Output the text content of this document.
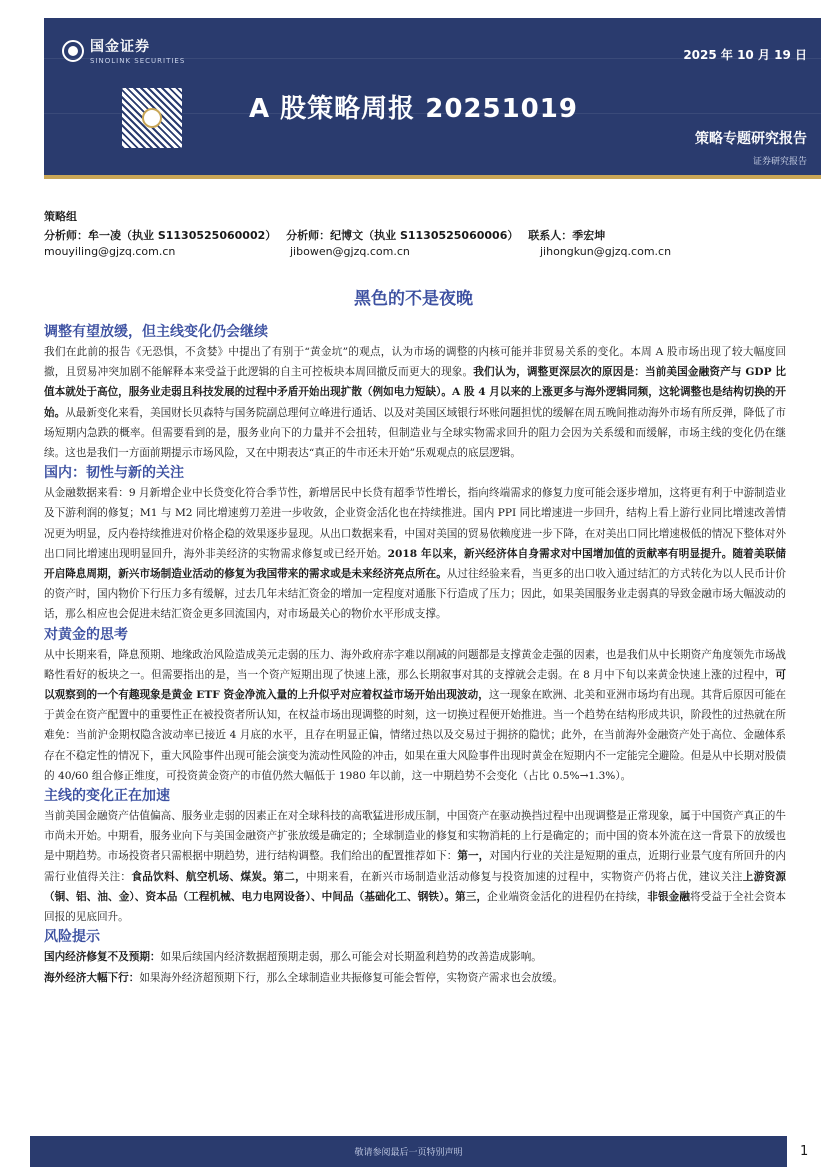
国金证券
SINOLINK SECURITIES	2025 年 10 月 19 日
A 股策略周报 20251019
策略专题研究报告
证券研究报告
策略组
分析师：牟一凌（执业 S1130525060002） 分析师：纪博文（执业 S1130525060006） 联系人：季宏坤
mouyiling@gjzq.com.cn	jibowen@gjzq.com.cn	jihongkun@gjzq.com.cn
黑色的不是夜晚
调整有望放缓，但主线变化仍会继续

我们在此前的报告《无恐惧，不贪婪》中提出了有别于“黄金坑”的观点，认为市场的调整的内核可能并非贸易关系的变化。本周 A 股市场出现了较大幅度回撤，且贸易冲突加剧不能解释本来受益于此逻辑的自主可控板块本周回撤反而更大的现象。我们认为，调整更深层次的原因是：当前美国金融资产与 GDP 比值本就处于高位，服务业走弱且科技发展的过程中矛盾开始出现扩散（例如电力短缺）。A 股 4 月以来的上涨更多与海外逻辑同频，这轮调整也是结构切换的开始。从最新变化来看，美国财长贝森特与国务院副总理何立峰进行通话、以及对美国区域银行坏账问题担忧的缓解在周五晚间推动海外市场有所反弹，降低了市场短期内急跌的概率。但需要看到的是，服务业向下的力量并不会扭转，但制造业与全球实物需求回升的阻力会因为关系缓和而缓解，市场主线的变化仍在继续。这也是我们一方面前期提示市场风险，又在中期表达“真正的牛市还未开始”乐观观点的底层逻辑。

国内：韧性与新的关注

从金融数据来看：9 月新增企业中长贷变化符合季节性，新增居民中长贷有超季节性增长，指向终端需求的修复力度可能会逐步增加，这将更有利于中游制造业及下游利润的修复；M1 与 M2 同比增速剪刀差进一步收敛，企业资金活化也在持续推进。国内 PPI 同比增速进一步回升，结构上看上游行业同比增速改善情况更为明显，反内卷持续推进对价格企稳的效果逐步显现。从出口数据来看，中国对美国的贸易依赖度进一步下降，在对美出口同比增速极低的情况下整体对外出口同比增速出现明显回升，海外非美经济的实物需求修复或已经开始。2018 年以来，新兴经济体自身需求对中国增加值的贡献率有明显提升。随着美联储开启降息周期，新兴市场制造业活动的修复为我国带来的需求或是未来经济亮点所在。从过往经验来看，当更多的出口收入通过结汇的方式转化为以人民币计价的资产时，国内物价下行压力多有缓解，过去几年未结汇资金的增加一定程度对通胀下行造成了压力；因此，如果美国服务业走弱真的导致金融市场大幅波动的话，那么相应也会促进未结汇资金更多回流国内，对市场最关心的物价水平形成支撑。

对黄金的思考

从中长期来看，降息预期、地缘政治风险造成美元走弱的压力、海外政府赤字难以削减的问题都是支撑黄金走强的因素，也是我们从中长期资产角度领先市场战略性看好的板块之一。但需要指出的是，当一个资产短期出现了快速上涨，那么长期叙事对其的支撑就会走弱。在 8 月中下旬以来黄金快速上涨的过程中，可以观察到的一个有趣现象是黄金 ETF 资金净流入量的上升似乎对应着权益市场开始出现波动，这一现象在欧洲、北美和亚洲市场均有出现。其背后原因可能在于黄金在资产配置中的重要性正在被投资者所认知，在权益市场出现调整的时刻，这一切换过程便开始推进。当一个趋势在结构形成共识，阶段性的过热就在所难免：当前沪金期权隐含波动率已接近 4 月底的水平，且存在明显正偏，情绪过热以及交易过于拥挤的隐忧；此外，在当前海外金融资产处于高位、金融体系存在不稳定性的情况下，重大风险事件出现可能会演变为流动性风险的冲击，如果在重大风险事件出现时黄金在短期内不一定能完全避险。但是从中长期对股债的 40/60 组合修正维度，可投资黄金资产的市值仍然大幅低于 1980 年以前，这一中期趋势不会变化（占比 0.5%→1.3%）。

主线的变化正在加速

当前美国金融资产估值偏高、服务业走弱的因素正在对全球科技的高歌猛进形成压制，中国资产在驱动换挡过程中出现调整是正常现象，属于中国资产真正的牛市尚未开始。中期看，服务业向下与美国金融资产扩张放缓是确定的；全球制造业的修复和实物消耗的上行是确定的；而中国的资本外流在这一背景下的放缓也是中期趋势。市场投资者只需根据中期趋势，进行结构调整。我们给出的配置推荐如下：第一，对国内行业的关注是短期的重点，近期行业景气度有所回升的内需行业值得关注：食品饮料、航空机场、煤炭。第二，中期来看，在新兴市场制造业活动修复与投资加速的过程中，实物资产仍将占优，建议关注上游资源（铜、铝、油、金）、资本品（工程机械、电力电网设备）、中间品（基础化工、钢铁）。第三，企业端资金活化的进程仍在持续，非银金融将受益于全社会资本回报的见底回升。

风险提示

国内经济修复不及预期：如果后续国内经济数据超预期走弱，那么可能会对长期盈利趋势的改善造成影响。

海外经济大幅下行：如果海外经济超预期下行，那么全球制造业共振修复可能会暂停，实物资产需求也会放缓。

敬请参阅最后一页特别声明	1
